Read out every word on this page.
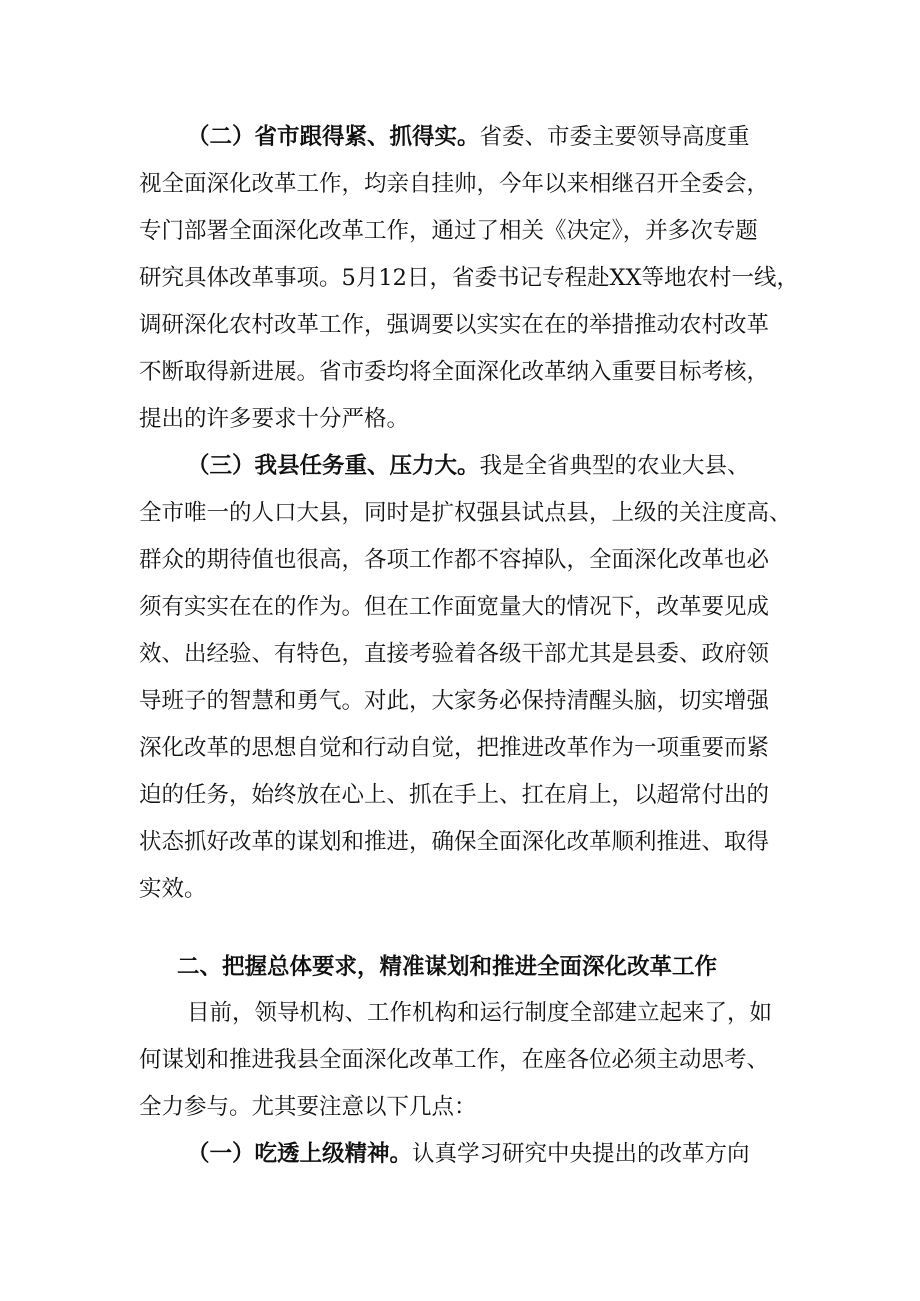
（二）省市跟得紧、抓得实。省委、市委主要领导高度重
视全面深化改革工作，均亲自挂帅，今年以来相继召开全委会，
专门部署全面深化改革工作，通过了相关《决定》，并多次专题
研究具体改革事项。5月12日，省委书记专程赴XX等地农村一线，
调研深化农村改革工作，强调要以实实在在的举措推动农村改革
不断取得新进展。省市委均将全面深化改革纳入重要目标考核，
提出的许多要求十分严格。
（三）我县任务重、压力大。我是全省典型的农业大县、
全市唯一的人口大县，同时是扩权强县试点县，上级的关注度高、
群众的期待值也很高，各项工作都不容掉队，全面深化改革也必
须有实实在在的作为。但在工作面宽量大的情况下，改革要见成
效、出经验、有特色，直接考验着各级干部尤其是县委、政府领
导班子的智慧和勇气。对此，大家务必保持清醒头脑，切实增强
深化改革的思想自觉和行动自觉，把推进改革作为一项重要而紧
迫的任务，始终放在心上、抓在手上、扛在肩上，以超常付出的
状态抓好改革的谋划和推进，确保全面深化改革顺利推进、取得
实效。
二、把握总体要求，精准谋划和推进全面深化改革工作
目前，领导机构、工作机构和运行制度全部建立起来了，如
何谋划和推进我县全面深化改革工作，在座各位必须主动思考、
全力参与。尤其要注意以下几点：
（一）吃透上级精神。认真学习研究中央提出的改革方向
